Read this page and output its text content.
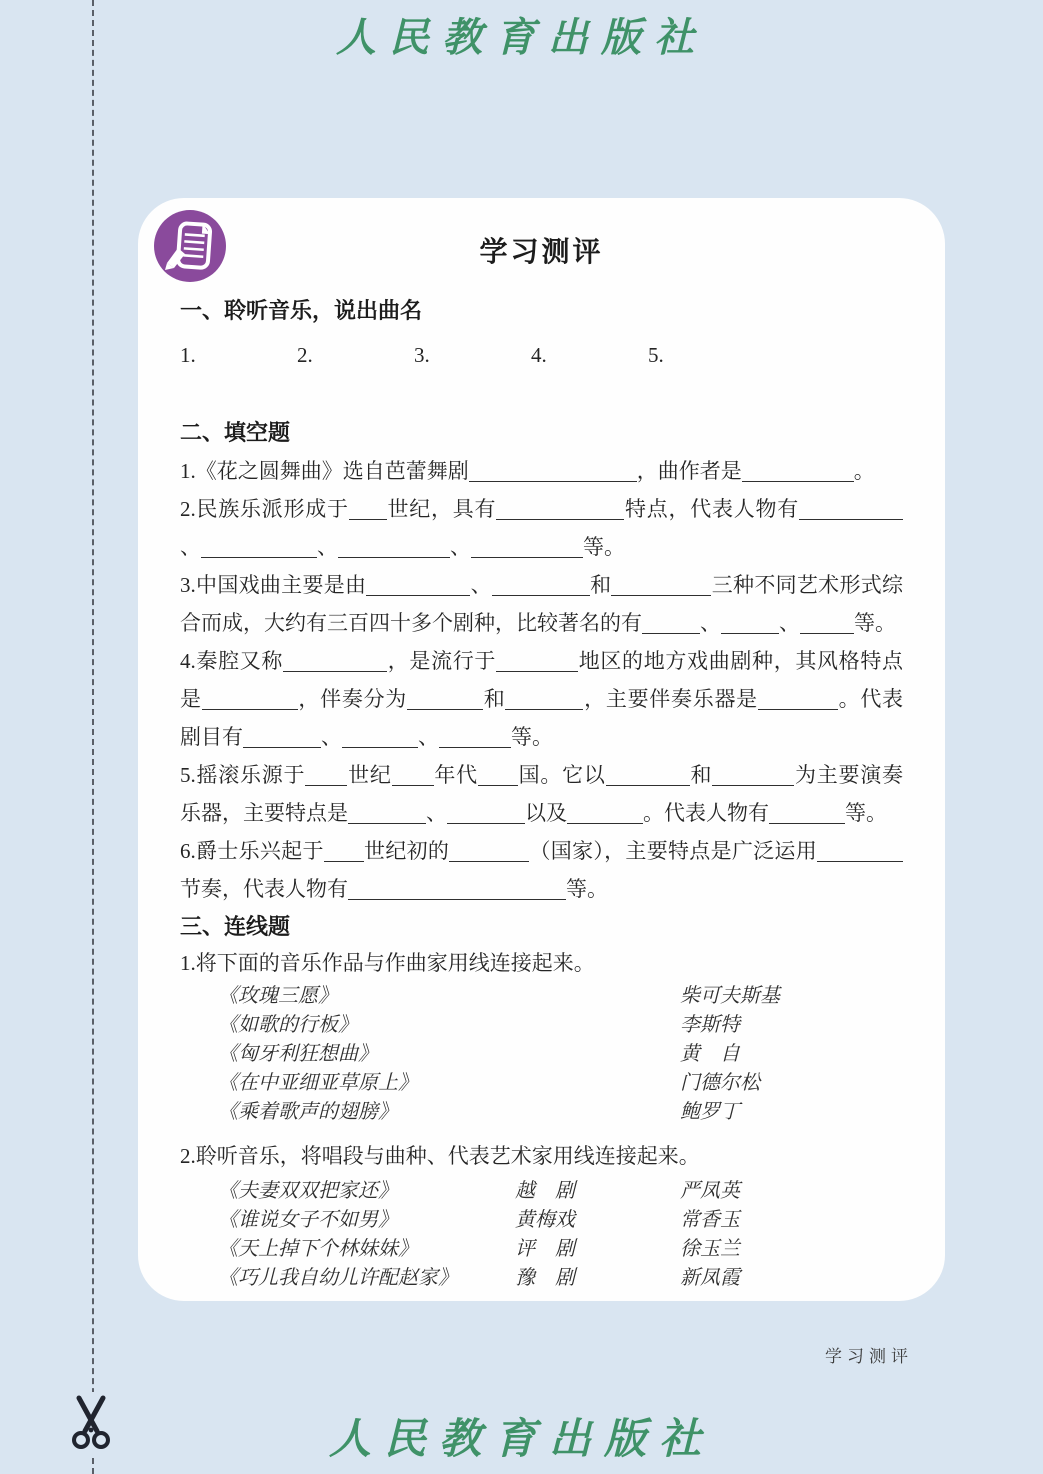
人民教育出版社
学习测评
一、聆听音乐，说出曲名
1.	2.	3.	4.	5.
二、填空题
1.《花之圆舞曲》选自芭蕾舞剧	，曲作者是	。
2.民族乐派形成于 世纪，具有	特点，代表人物有、	、	、	等。
3.中国戏曲主要是由	、	和	三种不同艺术形式综合而成，大约有三百四十多个剧种，比较著名的有	、	、	等。
4.秦腔又称	，是流行于	地区的地方戏曲剧种，其风格特点是	，伴奏分为	和	，主要伴奏乐器是	。代表剧目有	、	、	等。
5.摇滚乐源于 世纪 年代 国。它以	和	为主要演奏乐器，主要特点是	、	以及	。代表人物有	等。
6.爵士乐兴起于 世纪初的	（国家），主要特点是广泛运用节奏，代表人物有	等。
三、连线题
1.将下面的音乐作品与作曲家用线连接起来。
《玫瑰三愿》	柴可夫斯基
《如歌的行板》	李斯特
《匈牙利狂想曲》	黄　自
《在中亚细亚草原上》	门德尔松
《乘着歌声的翅膀》	鲍罗丁
2.聆听音乐，将唱段与曲种、代表艺术家用线连接起来。
《夫妻双双把家还》	越　剧	严凤英
《谁说女子不如男》	黄梅戏	常香玉
《天上掉下个林妹妹》	评　剧	徐玉兰
《巧儿我自幼儿许配赵家》	豫　剧	新凤霞
学习测评
人民教育出版社
